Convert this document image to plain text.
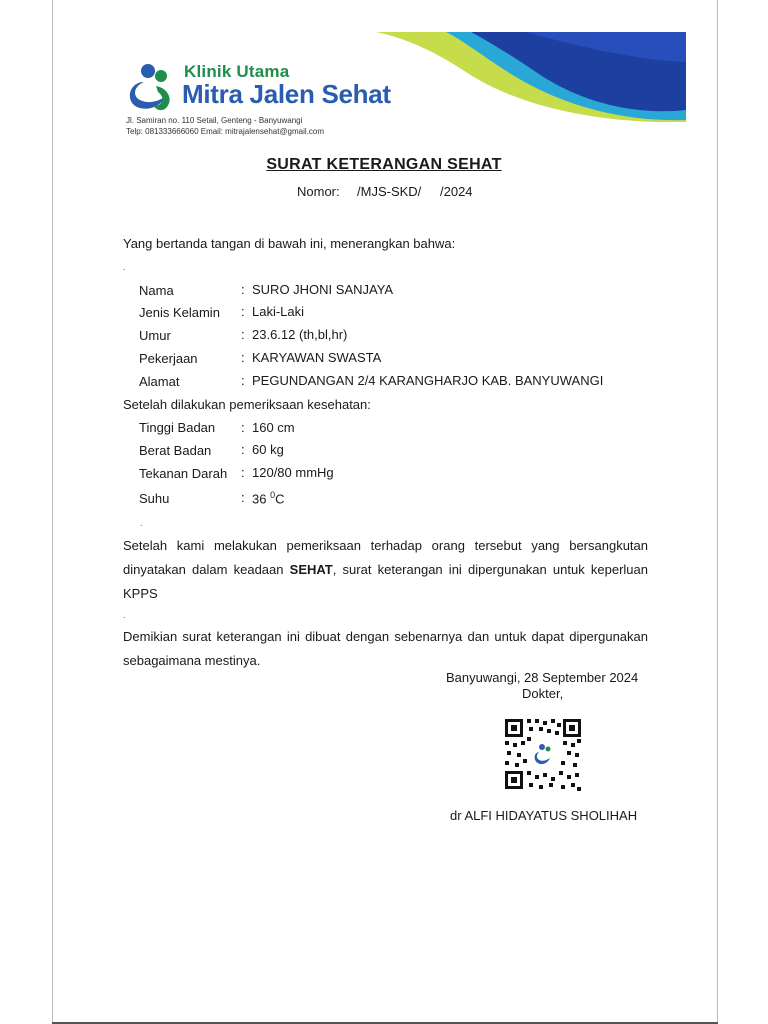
Klinik Utama
Mitra Jalen Sehat
Jl. Samiran no. 110 Setail, Genteng - Banyuwangi
Telp: 081333666060 Email: mitrajalensehat@gmail.com
SURAT KETERANGAN SEHAT
Nomor: /MJS-SKD/ /2024
Yang bertanda tangan di bawah ini, menerangkan bahwa:
.
Nama	: SURO JHONI SANJAYA
Jenis Kelamin : Laki-Laki
Umur	: 23.6.12 (th,bl,hr)
Pekerjaan	: KARYAWAN SWASTA
Alamat	: PEGUNDANGAN 2/4 KARANGHARJO KAB. BANYUWANGI
Setelah dilakukan pemeriksaan kesehatan:
Tinggi Badan : 160 cm
Berat Badan : 60 kg
Tekanan Darah : 120/80 mmHg
Suhu	: 36 $^0$C
.
Setelah kami melakukan pemeriksaan terhadap orang tersebut yang bersangkutan dinyatakan dalam keadaan SEHAT, surat keterangan ini dipergunakan untuk keperluan KPPS
.
Demikian surat keterangan ini dibuat dengan sebenarnya dan untuk dapat dipergunakan sebagaimana mestinya.
Banyuwangi, 28 September 2024
Dokter,
dr ALFI HIDAYATUS SHOLIHAH
